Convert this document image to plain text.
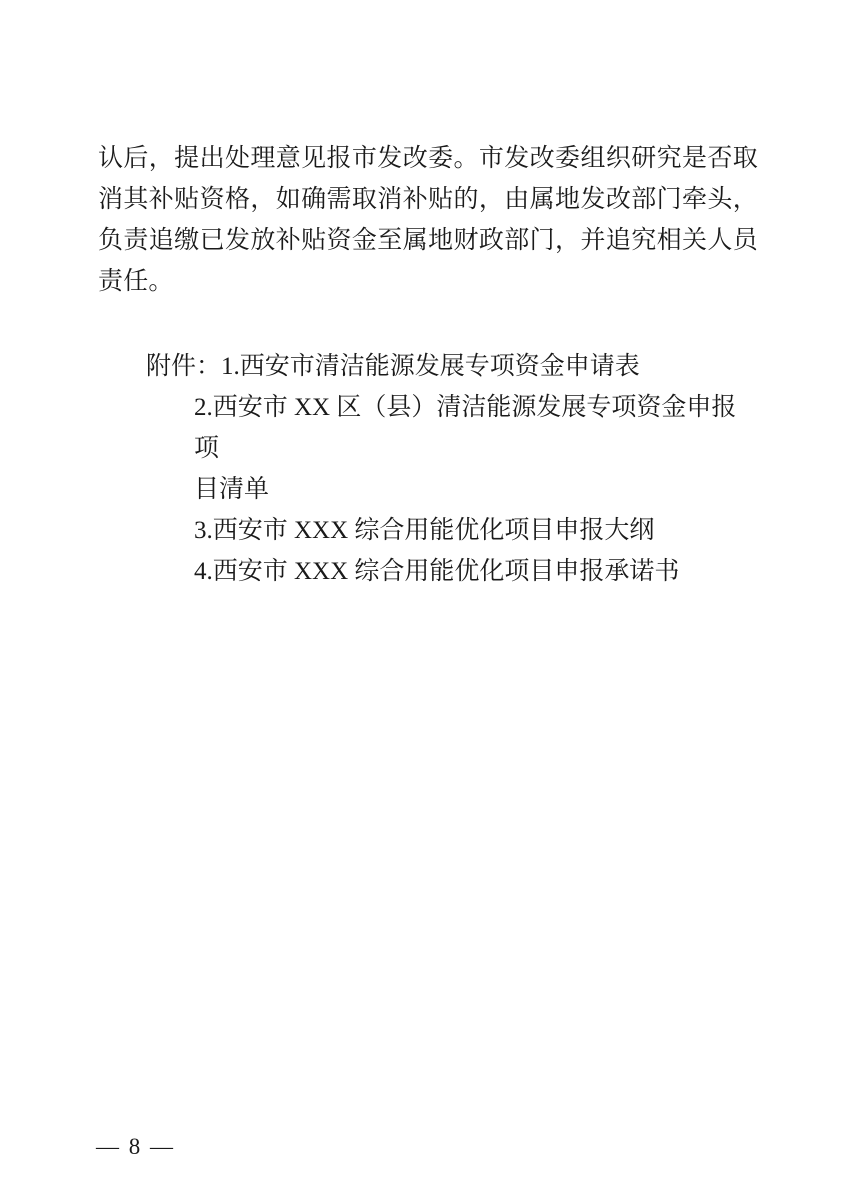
认后，提出处理意见报市发改委。市发改委组织研究是否取消其补贴资格，如确需取消补贴的，由属地发改部门牵头，负责追缴已发放补贴资金至属地财政部门，并追究相关人员责任。

附件：1.西安市清洁能源发展专项资金申请表

2.西安市 XX 区（县）清洁能源发展专项资金申报项

目清单

3.西安市 XXX 综合用能优化项目申报大纲

4.西安市 XXX 综合用能优化项目申报承诺书

— 8 —
